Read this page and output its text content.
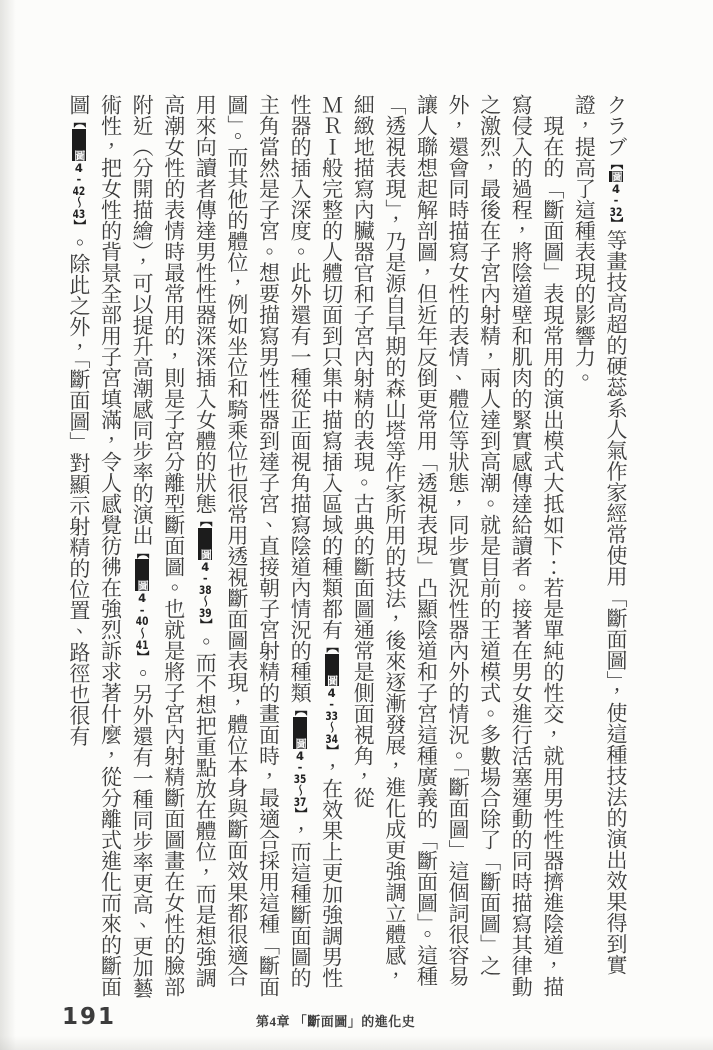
クラブ【圖4-32】等畫技高超的硬蕊系人氣作家經常使用「斷面圖」，使這種技法的演出效果得到實證，提高了這種表現的影響力。

現在的「斷面圖」表現常用的演出模式大抵如下：若是單純的性交，就用男性性器擠進陰道，描寫侵入的過程，將陰道壁和肌肉的緊實感傳達給讀者。接著在男女進行活塞運動的同時描寫其律動之激烈，最後在子宮內射精，兩人達到高潮。就是目前的王道模式。多數場合除了「斷面圖」之外，還會同時描寫女性的表情、體位等狀態，同步實況性器內外的情況。「斷面圖」這個詞很容易讓人聯想起解剖圖，但近年反倒更常用「透視表現」凸顯陰道和子宮這種廣義的「斷面圖」。這種「透視表現」，乃是源自早期的森山塔等作家所用的技法，後來逐漸發展，進化成更強調立體感，細緻地描寫內臟器官和子宮內射精的表現。古典的斷面圖通常是側面視角，從
ＭＲＩ般完整的人體切面到只集中描寫插入區域的種類都有【圖4-33〜34】，在效果上更加強調男性性器的插入深度。此外還有一種從正面視角描寫陰道內情況的種類【圖4-35〜37】，而這種斷面圖的主角當然是子宮。想要描寫男性性器到達子宮、直接朝子宮射精的畫面時，最適合採用這種「斷面圖」。而其他的體位，例如坐位和騎乘位也很常用透視斷面圖表現，體位本身與斷面效果都很適合用來向讀者傳達男性性器深深插入女體的狀態【圖4-38〜39】。而不想把重點放在體位，而是想強調高潮女性的表情時最常用的，則是子宮分離型斷面圖。也就是將子宮內射精斷面圖畫在女性的臉部附近（分開描繪），可以提升高潮感同步率的演出【圖4-40〜41】。另外還有一種同步率更高、更加藝術性，把女性的背景全部用子宮填滿，令人感覺彷彿在強烈訴求著什麼，從分離式進化而來的斷面圖【圖4-42〜43】。除此之外，「斷面圖」對顯示射精的位置、路徑也很有

191	第4章 「斷面圖」的進化史
